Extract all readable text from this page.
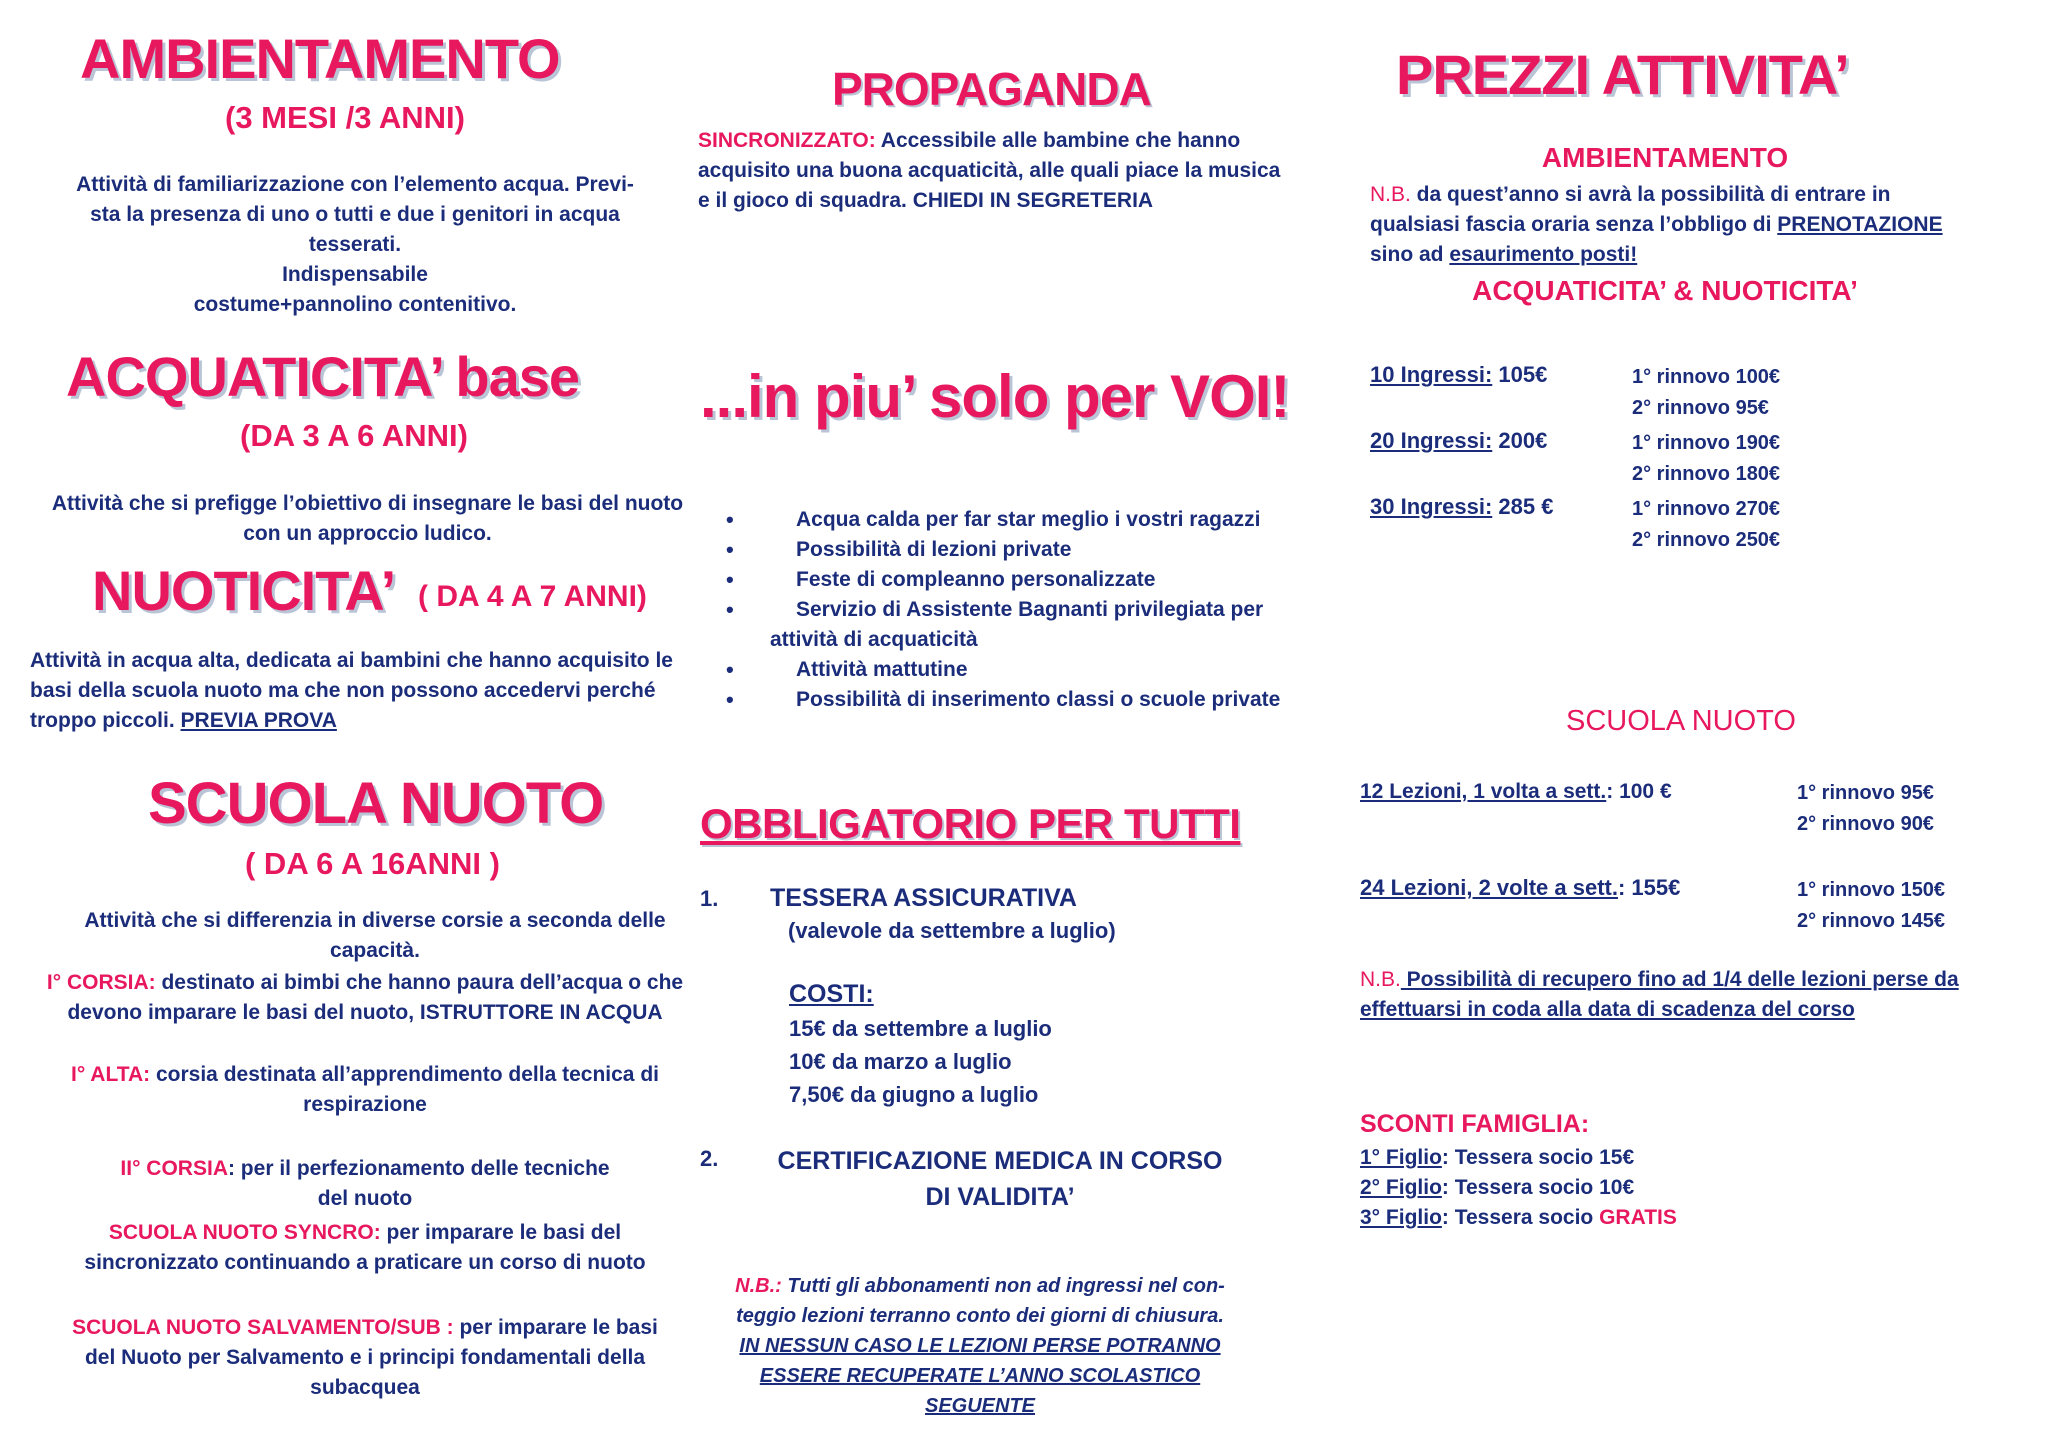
AMBIENTAMENTO
(3 MESI /3 ANNI)
Attività di familiarizzazione con l’elemento acqua. Previ-
sta la presenza di uno o tutti e due i genitori in acqua
tesserati.
Indispensabile
costume+pannolino contenitivo.
ACQUATICITA’ base
(DA 3 A 6 ANNI)
Attività che si prefigge l’obiettivo di insegnare le basi del nuoto
con un approccio ludico.
NUOTICITA’ ( DA 4 A 7 ANNI)
Attività in acqua alta, dedicata ai bambini che hanno acquisito le
basi della scuola nuoto ma che non possono accedervi perché
troppo piccoli. PREVIA PROVA
SCUOLA NUOTO
( DA 6 A 16ANNI )
Attività che si differenzia in diverse corsie a seconda delle
capacità.
I° CORSIA: destinato ai bimbi che hanno paura dell’acqua o che
devono imparare le basi del nuoto, ISTRUTTORE IN ACQUA
I° ALTA: corsia destinata all’apprendimento della tecnica di
respirazione
II° CORSIA: per il perfezionamento delle tecniche
del nuoto
SCUOLA NUOTO SYNCRO: per imparare le basi del
sincronizzato continuando a praticare un corso di nuoto
SCUOLA NUOTO SALVAMENTO/SUB : per imparare le basi
del Nuoto per Salvamento e i principi fondamentali della
subacquea
PROPAGANDA
SINCRONIZZATO: Accessibile alle bambine che hanno
acquisito una buona acquaticità, alle quali piace la musica
e il gioco di squadra. CHIEDI IN SEGRETERIA
...in piu’ solo per VOI!
• Acqua calda per far star meglio i vostri ragazzi
• Possibilità di lezioni private
• Feste di compleanno personalizzate
• Servizio di Assistente Bagnanti privilegiata per
attività di acquaticità
• Attività mattutine
• Possibilità di inserimento classi o scuole private
OBBLIGATORIO PER TUTTI
1. TESSERA ASSICURATIVA
(valevole da settembre a luglio)
COSTI:
15€ da settembre a luglio
10€ da marzo a luglio
7,50€ da giugno a luglio
2.	CERTIFICAZIONE MEDICA IN CORSO
DI VALIDITA’
N.B.: Tutti gli abbonamenti non ad ingressi nel con-
teggio lezioni terranno conto dei giorni di chiusura.
IN NESSUN CASO LE LEZIONI PERSE POTRANNO
ESSERE RECUPERATE L’ANNO SCOLASTICO
SEGUENTE
PREZZI ATTIVITA’
AMBIENTAMENTO
N.B. da quest’anno si avrà la possibilità di entrare in
qualsiasi fascia oraria senza l’obbligo di PRENOTAZIONE
sino ad esaurimento posti!
ACQUATICITA’ & NUOTICITA’
10 Ingressi: 105€	1° rinnovo 100€
2° rinnovo 95€
20 Ingressi: 200€	1° rinnovo 190€
2° rinnovo 180€
30 Ingressi: 285 €	1° rinnovo 270€
2° rinnovo 250€
SCUOLA NUOTO
12 Lezioni, 1 volta a sett.: 100 €	1° rinnovo 95€
2° rinnovo 90€
24 Lezioni, 2 volte a sett.: 155€	1° rinnovo 150€
2° rinnovo 145€
N.B. Possibilità di recupero fino ad 1/4 delle lezioni perse da
effettuarsi in coda alla data di scadenza del corso
SCONTI FAMIGLIA:
1° Figlio: Tessera socio 15€
2° Figlio: Tessera socio 10€
3° Figlio: Tessera socio GRATIS
